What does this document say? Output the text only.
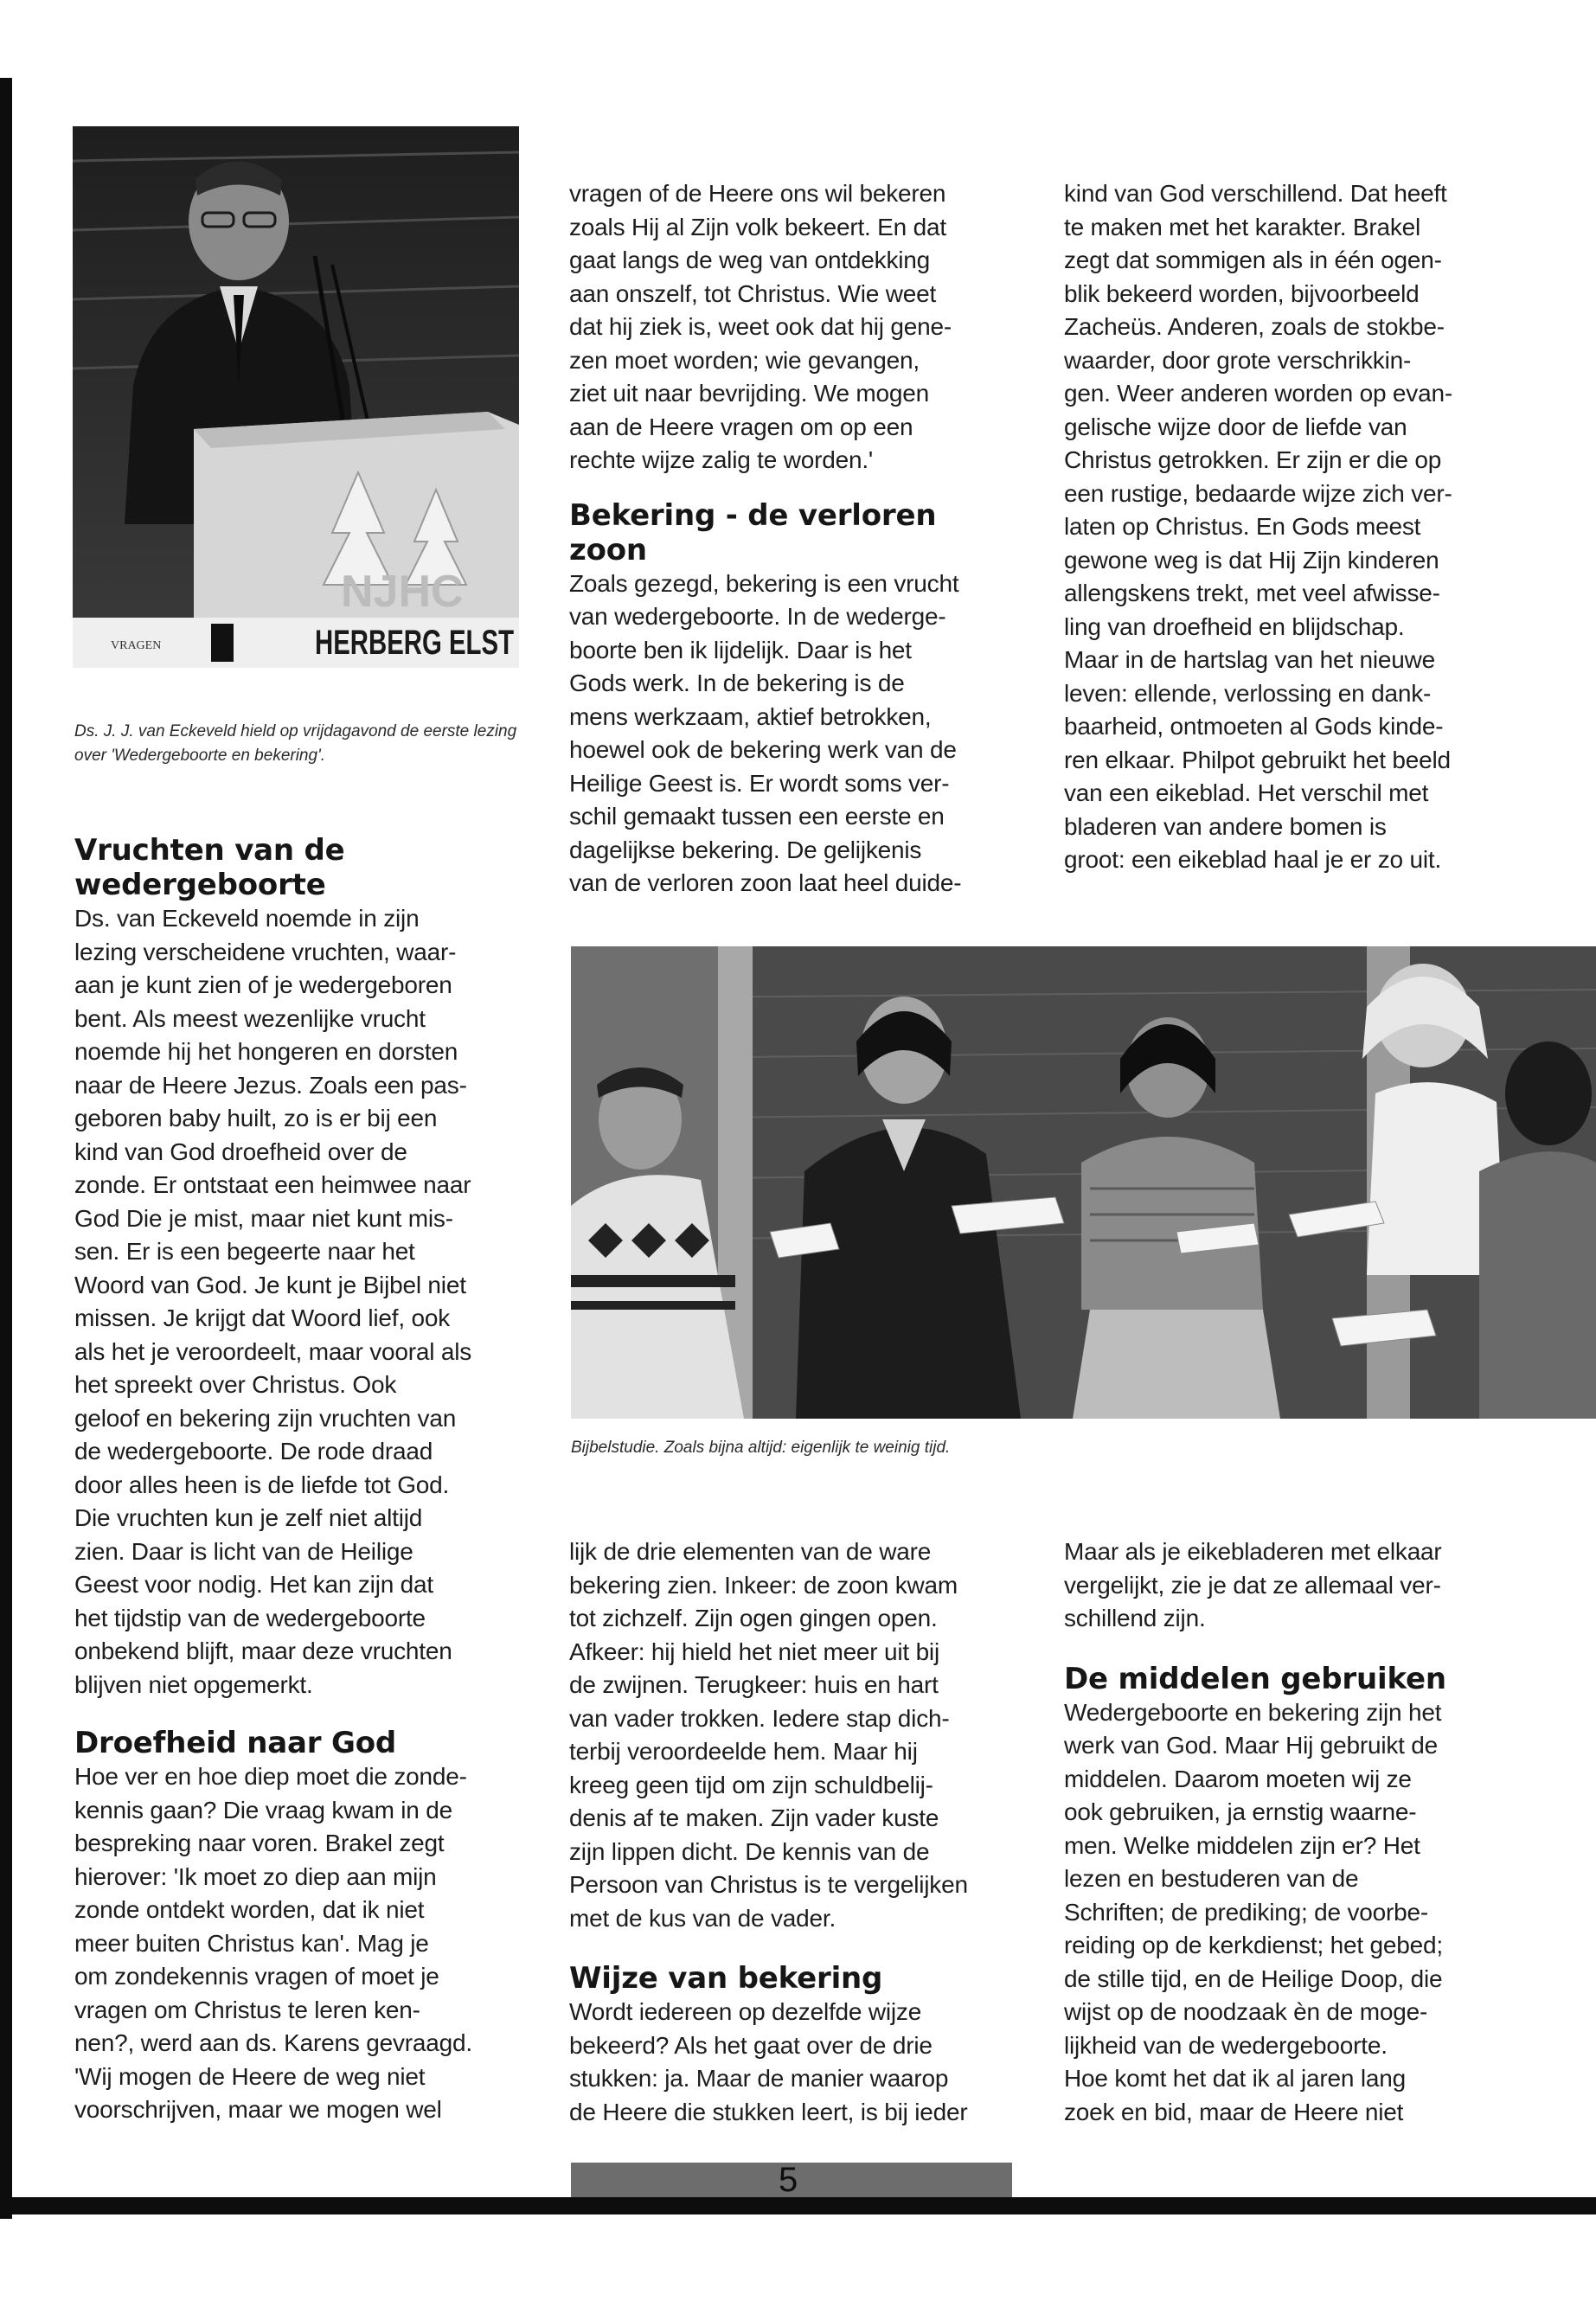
5
NJHC
VRAGEN	HERBERG ELST
Ds. J. J. van Eckeveld hield op vrijdagavond de eerste lezing over 'Wedergeboorte en bekering'.

vragen of de Heere ons wil bekeren

zoals Hij al Zijn volk bekeert. En dat

gaat langs de weg van ontdekking

aan onszelf, tot Christus. Wie weet

dat hij ziek is, weet ook dat hij gene-

zen moet worden; wie gevangen,

ziet uit naar bevrijding. We mogen

aan de Heere vragen om op een

rechte wijze zalig te worden.'

Bekering - de verloren zoon

Zoals gezegd, bekering is een vrucht

van wedergeboorte. In de wederge-

boorte ben ik lijdelijk. Daar is het

Gods werk. In de bekering is de

mens werkzaam, aktief betrokken,

hoewel ook de bekering werk van de

Heilige Geest is. Er wordt soms ver-

schil gemaakt tussen een eerste en

dagelijkse bekering. De gelijkenis

van de verloren zoon laat heel duide-

kind van God verschillend. Dat heeft

te maken met het karakter. Brakel

zegt dat sommigen als in één ogen-

blik bekeerd worden, bijvoorbeeld

Zacheüs. Anderen, zoals de stokbe-

waarder, door grote verschrikkin-

gen. Weer anderen worden op evan-

gelische wijze door de liefde van

Christus getrokken. Er zijn er die op

een rustige, bedaarde wijze zich ver-

laten op Christus. En Gods meest

gewone weg is dat Hij Zijn kinderen

allengskens trekt, met veel afwisse-

ling van droefheid en blijdschap.

Maar in de hartslag van het nieuwe

leven: ellende, verlossing en dank-

baarheid, ontmoeten al Gods kinde-

ren elkaar. Philpot gebruikt het beeld

van een eikeblad. Het verschil met

bladeren van andere bomen is

groot: een eikeblad haal je er zo uit.

Bijbelstudie. Zoals bijna altijd: eigenlijk te weinig tijd.
Vruchten van de
wedergeboorte

Ds. van Eckeveld noemde in zijn

lezing verscheidene vruchten, waar-

aan je kunt zien of je wedergeboren

bent. Als meest wezenlijke vrucht

noemde hij het hongeren en dorsten

naar de Heere Jezus. Zoals een pas-

geboren baby huilt, zo is er bij een

kind van God droefheid over de

zonde. Er ontstaat een heimwee naar

God Die je mist, maar niet kunt mis-

sen. Er is een begeerte naar het

Woord van God. Je kunt je Bijbel niet

missen. Je krijgt dat Woord lief, ook

als het je veroordeelt, maar vooral als

het spreekt over Christus. Ook

geloof en bekering zijn vruchten van

de wedergeboorte. De rode draad

door alles heen is de liefde tot God.

Die vruchten kun je zelf niet altijd

zien. Daar is licht van de Heilige

Geest voor nodig. Het kan zijn dat

het tijdstip van de wedergeboorte

onbekend blijft, maar deze vruchten

blijven niet opgemerkt.

Droefheid naar God

Hoe ver en hoe diep moet die zonde-

kennis gaan? Die vraag kwam in de

bespreking naar voren. Brakel zegt

hierover: 'Ik moet zo diep aan mijn

zonde ontdekt worden, dat ik niet

meer buiten Christus kan'. Mag je

om zondekennis vragen of moet je

vragen om Christus te leren ken-

nen?, werd aan ds. Karens gevraagd.

'Wij mogen de Heere de weg niet

voorschrijven, maar we mogen wel

lijk de drie elementen van de ware

bekering zien. Inkeer: de zoon kwam

tot zichzelf. Zijn ogen gingen open.

Afkeer: hij hield het niet meer uit bij

de zwijnen. Terugkeer: huis en hart

van vader trokken. Iedere stap dich-

terbij veroordeelde hem. Maar hij

kreeg geen tijd om zijn schuldbelij-

denis af te maken. Zijn vader kuste

zijn lippen dicht. De kennis van de

Persoon van Christus is te vergelijken

met de kus van de vader.

Wijze van bekering

Wordt iedereen op dezelfde wijze

bekeerd? Als het gaat over de drie

stukken: ja. Maar de manier waarop

de Heere die stukken leert, is bij ieder

Maar als je eikebladeren met elkaar

vergelijkt, zie je dat ze allemaal ver-

schillend zijn.

De middelen gebruiken

Wedergeboorte en bekering zijn het

werk van God. Maar Hij gebruikt de

middelen. Daarom moeten wij ze

ook gebruiken, ja ernstig waarne-

men. Welke middelen zijn er? Het

lezen en bestuderen van de

Schriften; de prediking; de voorbe-

reiding op de kerkdienst; het gebed;

de stille tijd, en de Heilige Doop, die

wijst op de noodzaak èn de moge-

lijkheid van de wedergeboorte.

Hoe komt het dat ik al jaren lang

zoek en bid, maar de Heere niet
